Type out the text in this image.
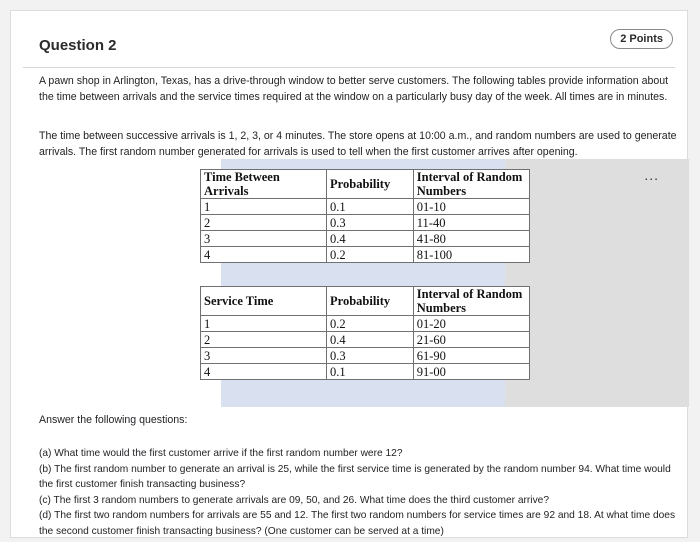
Question 2	2 Points
A pawn shop in Arlington, Texas, has a drive-through window to better serve customers. The following tables provide information about the time between arrivals and the service times required at the window on a particularly busy day of the week. All times are in minutes.
The time between successive arrivals is 1, 2, 3, or 4 minutes. The store opens at 10:00 a.m., and random numbers are used to generate arrivals. The first random number generated for arrivals is used to tell when the first customer arrives after opening.
...
Time Between Arrivals	Probability	Interval of Random Numbers
1	0.1	01-10
2	0.3	11-40
3	0.4	41-80
4	0.2	81-100
Service Time	Probability	Interval of Random Numbers
1	0.2	01-20
2	0.4	21-60
3	0.3	61-90
4	0.1	91-00
Answer the following questions:
(a) What time would the first customer arrive if the first random number were 12?
(b) The first random number to generate an arrival is 25, while the first service time is generated by the random number 94. What time would the first customer finish transacting business?
(c) The first 3 random numbers to generate arrivals are 09, 50, and 26. What time does the third customer arrive?
(d) The first two random numbers for arrivals are 55 and 12. The first two random numbers for service times are 92 and 18. At what time does the second customer finish transacting business? (One customer can be served at a time)
